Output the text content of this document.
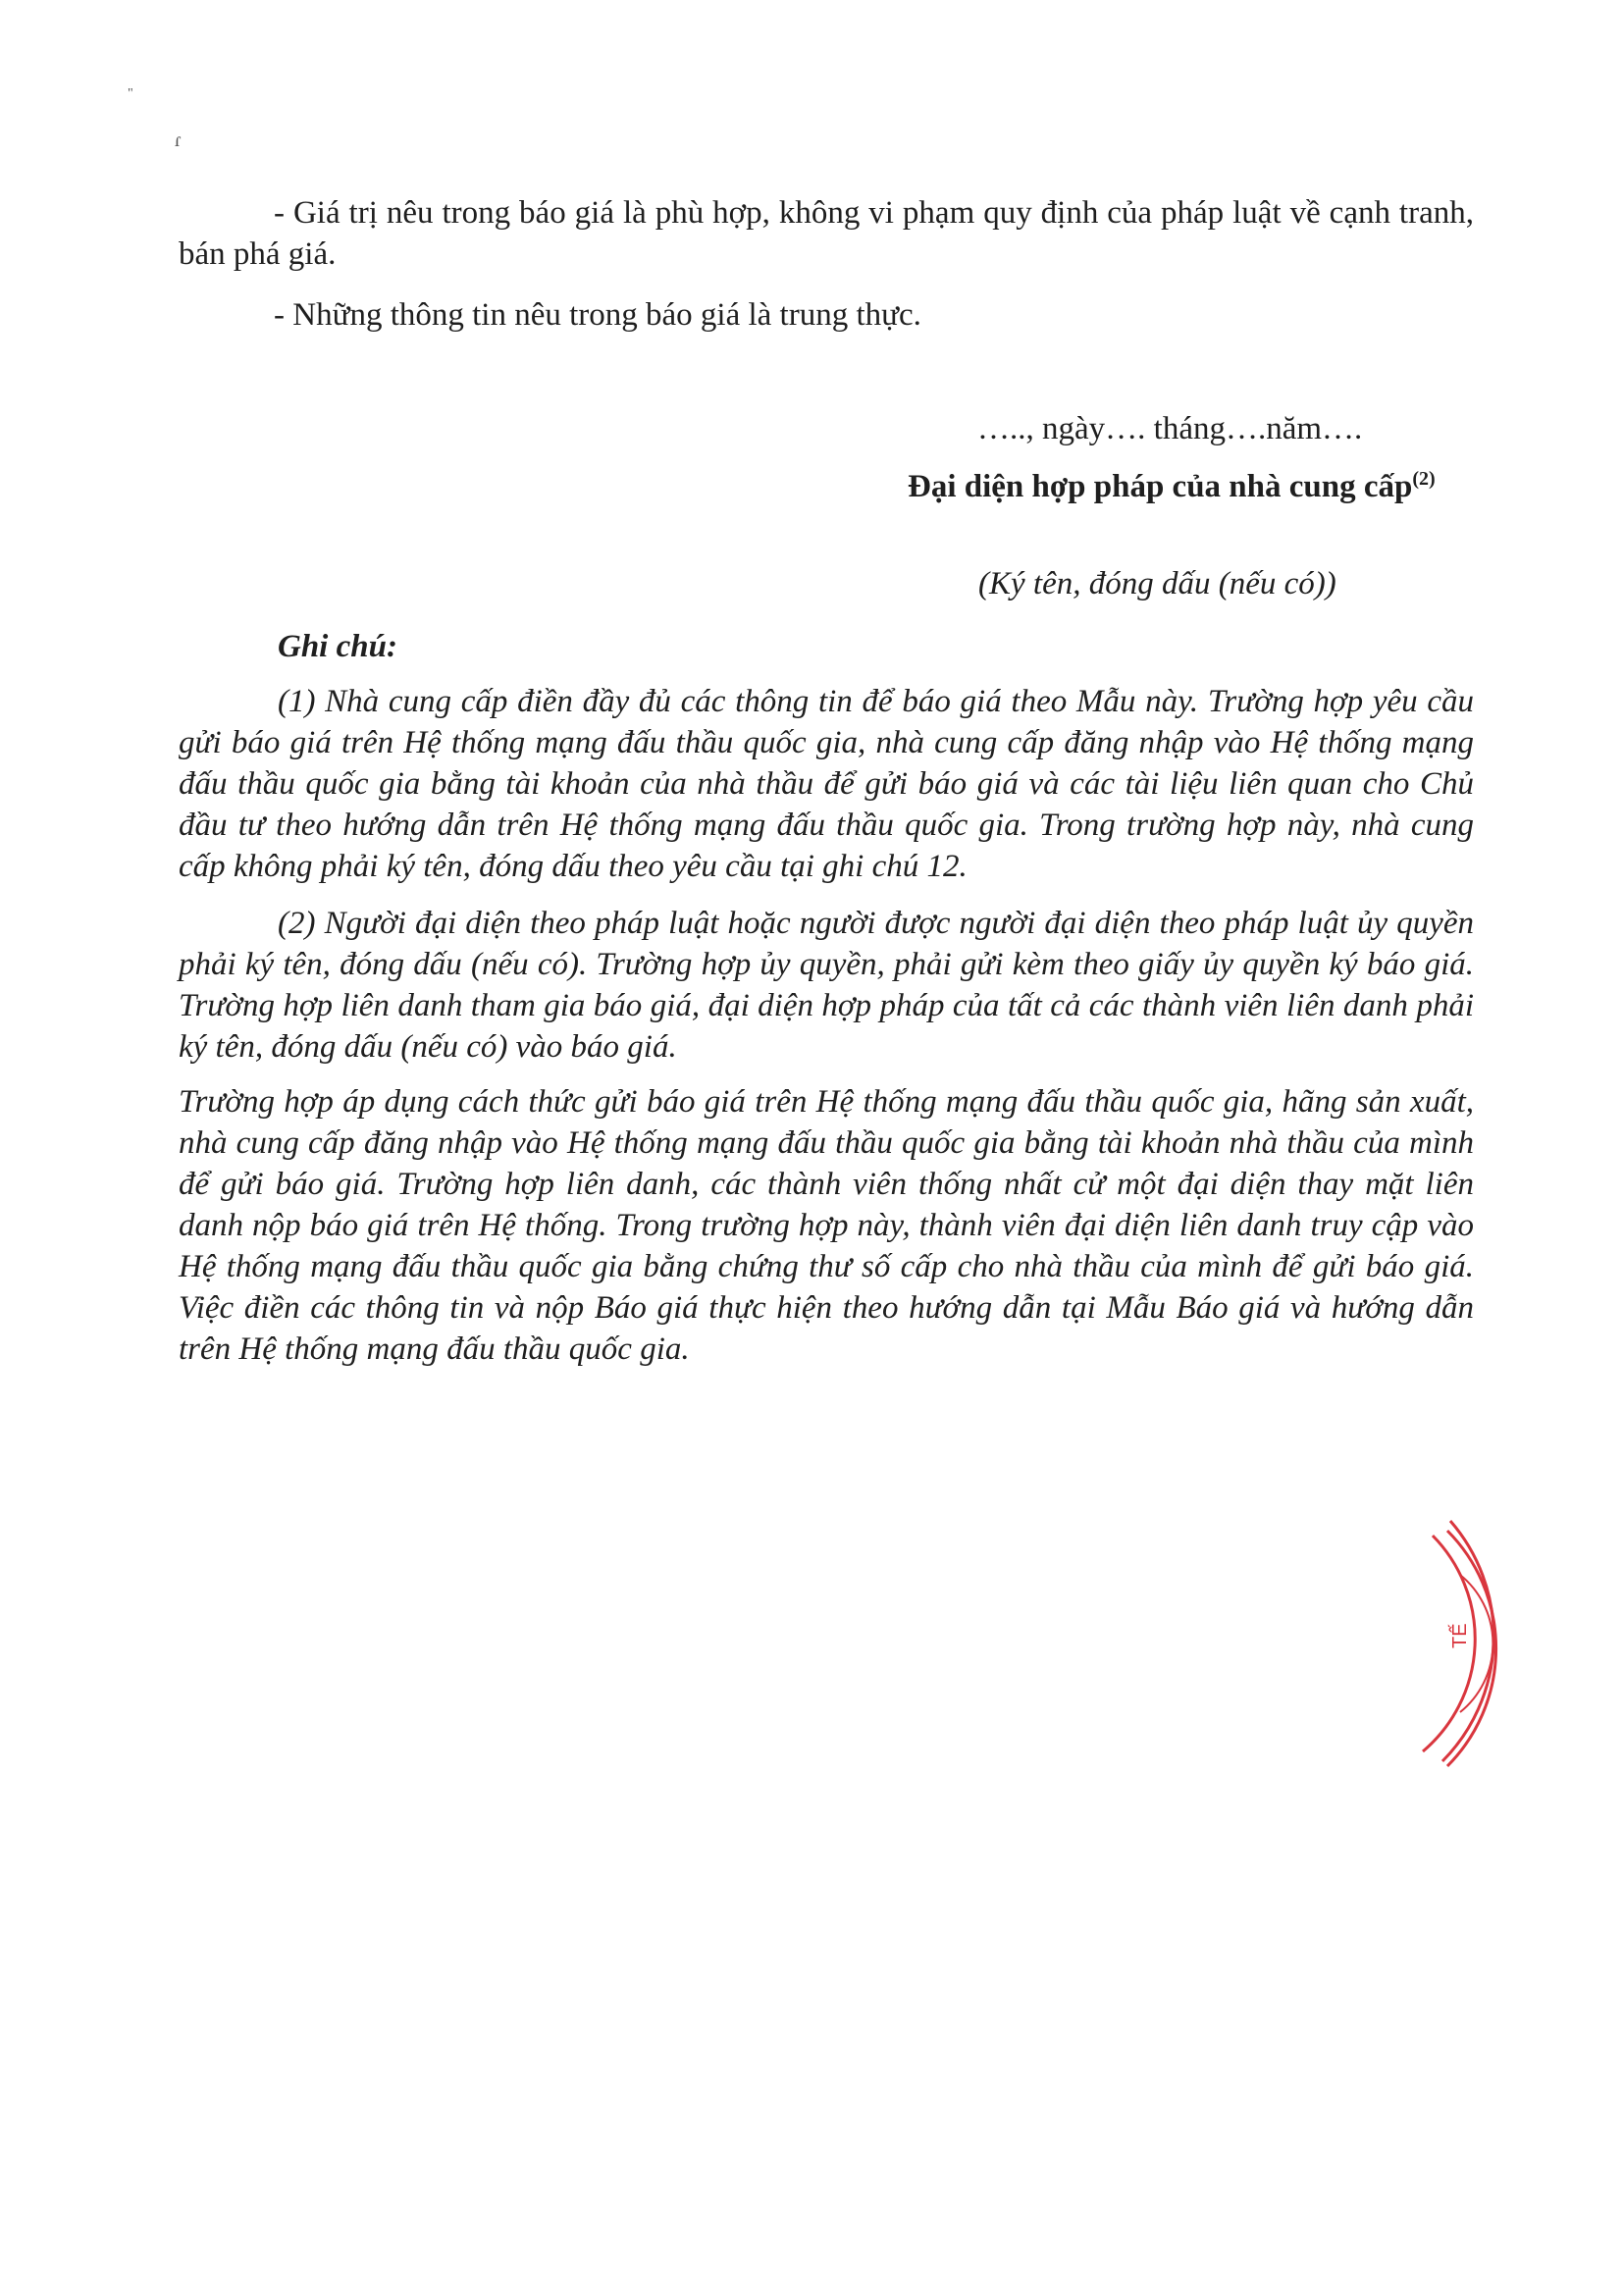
"
ɾ
- Giá trị nêu trong báo giá là phù hợp, không vi phạm quy định của pháp luật về cạnh tranh, bán phá giá.
- Những thông tin nêu trong báo giá là trung thực.
….., ngày…. tháng….năm….
Đại diện hợp pháp của nhà cung cấp$^{(2)}$
(Ký tên, đóng dấu (nếu có))
Ghi chú:
(1) Nhà cung cấp điền đầy đủ các thông tin để báo giá theo Mẫu này. Trường hợp yêu cầu gửi báo giá trên Hệ thống mạng đấu thầu quốc gia, nhà cung cấp đăng nhập vào Hệ thống mạng đấu thầu quốc gia bằng tài khoản của nhà thầu để gửi báo giá và các tài liệu liên quan cho Chủ đầu tư theo hướng dẫn trên Hệ thống mạng đấu thầu quốc gia. Trong trường hợp này, nhà cung cấp không phải ký tên, đóng dấu theo yêu cầu tại ghi chú 12.
(2) Người đại diện theo pháp luật hoặc người được người đại diện theo pháp luật ủy quyền phải ký tên, đóng dấu (nếu có). Trường hợp ủy quyền, phải gửi kèm theo giấy ủy quyền ký báo giá. Trường hợp liên danh tham gia báo giá, đại diện hợp pháp của tất cả các thành viên liên danh phải ký tên, đóng dấu (nếu có) vào báo giá.
Trường hợp áp dụng cách thức gửi báo giá trên Hệ thống mạng đấu thầu quốc gia, hãng sản xuất, nhà cung cấp đăng nhập vào Hệ thống mạng đấu thầu quốc gia bằng tài khoản nhà thầu của mình để gửi báo giá. Trường hợp liên danh, các thành viên thống nhất cử một đại diện thay mặt liên danh nộp báo giá trên Hệ thống. Trong trường hợp này, thành viên đại diện liên danh truy cập vào Hệ thống mạng đấu thầu quốc gia bằng chứng thư số cấp cho nhà thầu của mình để gửi báo giá. Việc điền các thông tin và nộp Báo giá thực hiện theo hướng dẫn tại Mẫu Báo giá và hướng dẫn trên Hệ thống mạng đấu thầu quốc gia.
TẾ
